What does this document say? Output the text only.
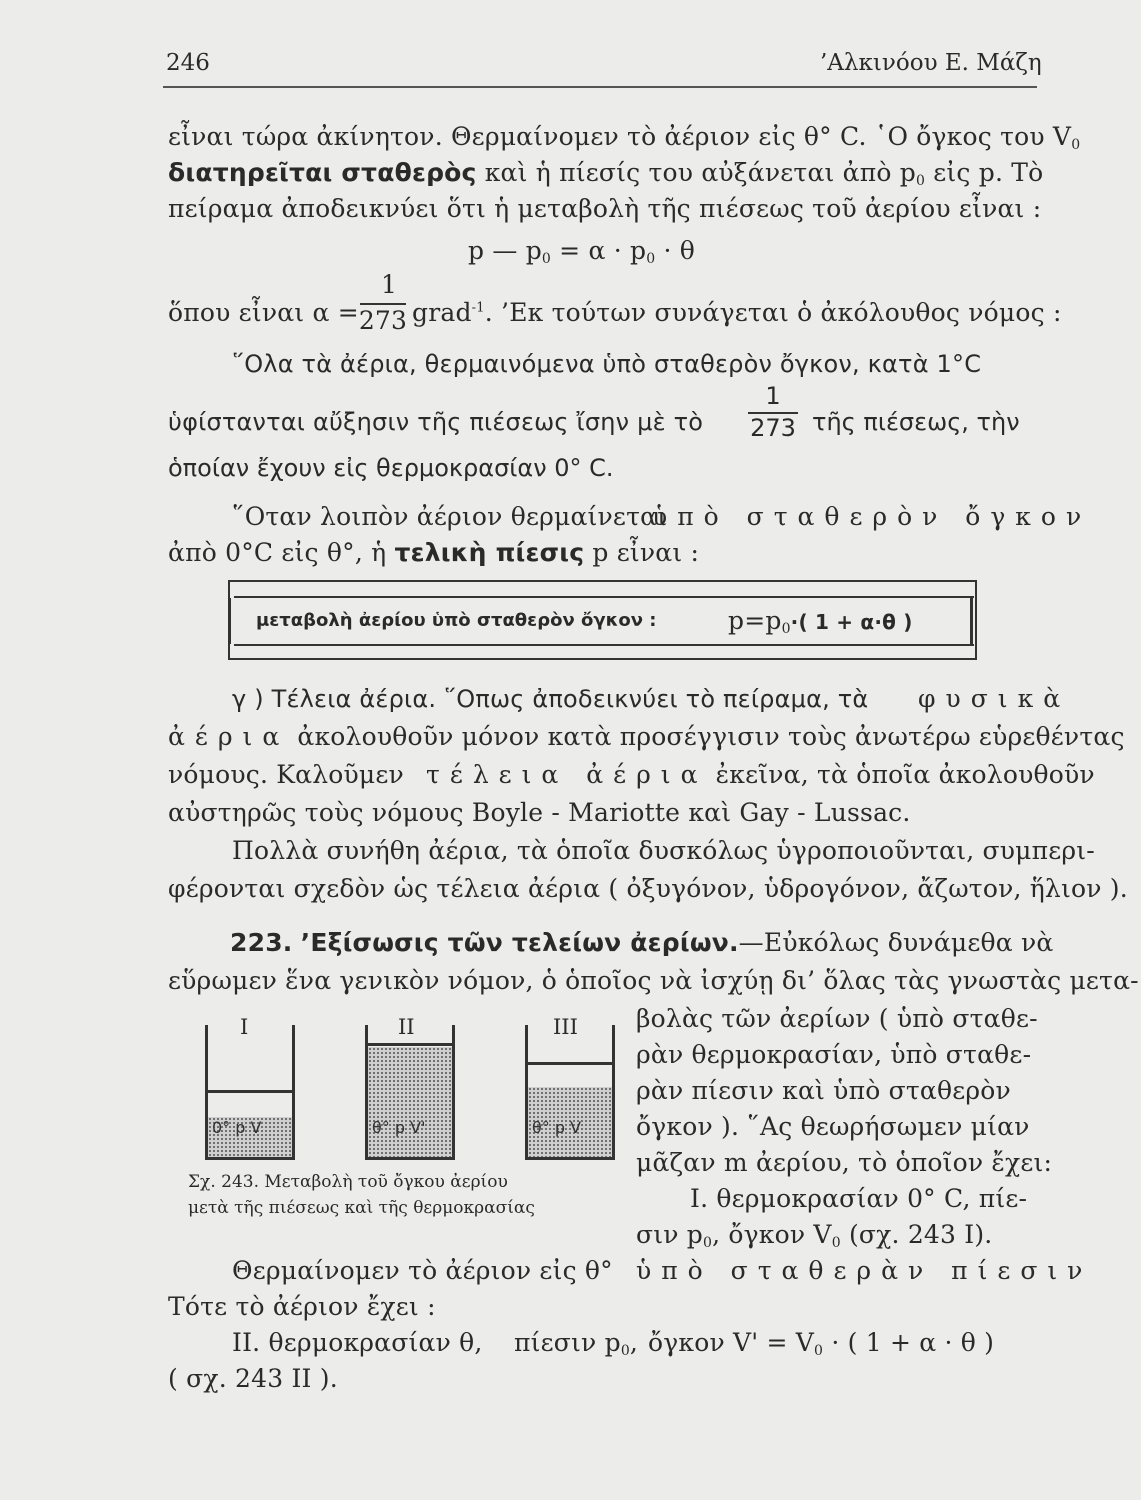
246	’Αλκινόου Ε. Μάζη
εἶναι τώρα ἀκίνητον. Θερμαίνομεν τὸ ἀέριον εἰς θ° C. ῾Ο ὄγκος του $V_0$
διατηρεῖται σταθερὸς καὶ ἡ πίεσίς του αὐξάνεται ἀπὸ $p_0$ εἰς p. Τὸ
πείραμα ἀποδεικνύει ὅτι ἡ μεταβολὴ τῆς πιέσεως τοῦ ἀερίου εἶναι :
p — $p_0 = \alpha \cdot p_0 \cdot \theta$
ὅπου εἶναι α =
1
273 grad$^{-1}$. ’Εκ τούτων συνάγεται ὁ ἀκόλουθος νόμος :
῞Ολα τὰ ἀέρια, θερμαινόμενα ὑπὸ σταθερὸν ὄγκον, κατὰ 1°C
ὑφίστανται αὔξησιν τῆς πιέσεως ἴσην μὲ τὸ
1
273 τῆς πιέσεως, τὴν
ὁποίαν ἔχουν εἰς θερμοκρασίαν 0° C.
῞Οταν λοιπὸν ἀέριον θερμαίνεται
ὑπὸ σταθερὸν ὄγκον
ἀπὸ 0°C εἰς θ°, ἡ τελικὴ πίεσις p εἶναι :
μεταβολὴ ἀερίου ὑπὸ σταθερὸν ὄγκον :	$p=p_0\cdot$( 1 + α·θ )
γ ) Τέλεια ἀέρια. ῞Οπως ἀποδεικνύει τὸ πείραμα, τὰ φυσικὰ
ἀέρια ἀκολουθοῦν μόνον κατὰ προσέγγισιν τοὺς ἀνωτέρω εὑρεθέντας
νόμους. Καλοῦμεν τέλεια ἀέρια ἐκεῖνα, τὰ ὁποῖα ἀκολουθοῦν
αὐστηρῶς τοὺς νόμους Boyle - Mariotte καὶ Gay - Lussac.
Πολλὰ συνήθη ἀέρια, τὰ ὁποῖα δυσκόλως ὑγροποιοῦνται, συμπερι-
φέρονται σχεδὸν ὡς τέλεια ἀέρια ( ὀξυγόνον, ὑδρογόνον, ἄζωτον, ἥλιον ).
223. ’Εξίσωσις τῶν τελείων ἀερίων.—Εὐκόλως δυνάμεθα νὰ
εὕρωμεν ἕνα γενικὸν νόμον, ὁ ὁποῖος νὰ ἰσχύῃ δι’ ὅλας τὰς γνωστὰς μετα-
βολὰς τῶν ἀερίων ( ὑπὸ σταθε-
ρὰν θερμοκρασίαν, ὑπὸ σταθε-
ρὰν πίεσιν καὶ ὑπὸ σταθερὸν
ὄγκον ). ῞Ας θεωρήσωμεν μίαν
μᾶζαν m ἀερίου, τὸ ὁποῖον ἔχει:
I. θερμοκρασίαν 0° C, πίε-
σιν $p_0$, ὄγκον $V_0$ (σχ. 243 I).
I
0° p V
II
θ° p V'
III
θ° p V
Σχ. 243. Μεταβολὴ τοῦ ὄγκου ἀερίου
μετὰ τῆς πιέσεως καὶ τῆς θερμοκρασίας
Θερμαίνομεν τὸ ἀέριον εἰς θ° ὑπὸ σταθερὰν πίεσιν
Τότε τὸ ἀέριον ἔχει :
II. θερμοκρασίαν θ, πίεσιν $p_0$, ὄγκον $V' = V_0$ · ( 1 + α · θ )
( σχ. 243 II ).
